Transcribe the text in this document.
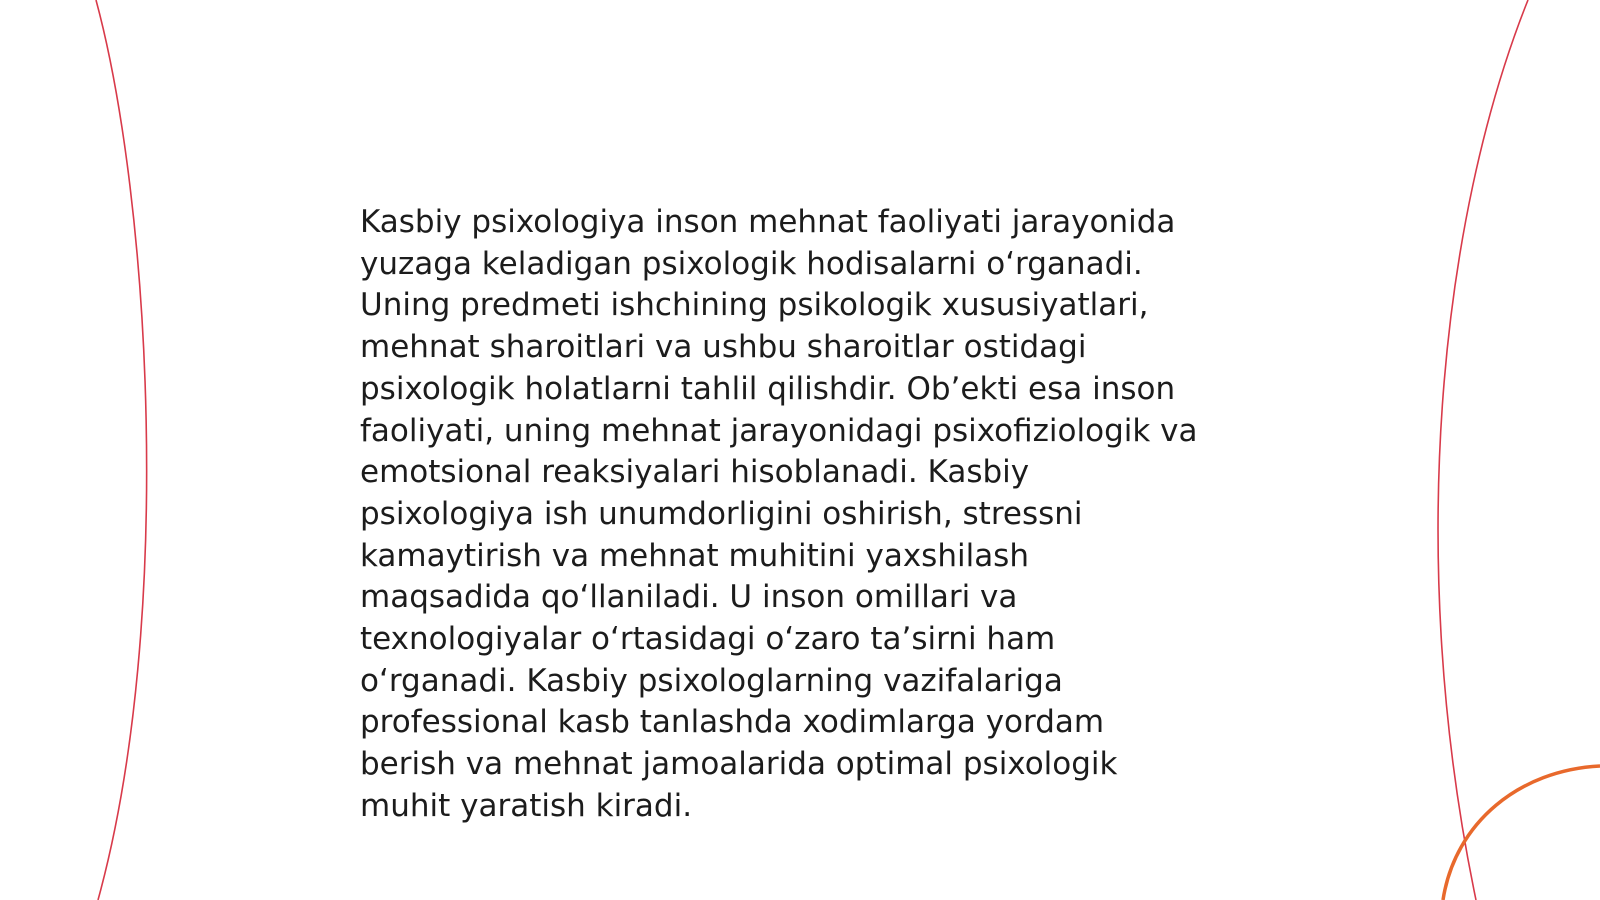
Kasbiy psixologiya inson mehnat faoliyati jarayonida
yuzaga keladigan psixologik hodisalarni o‘rganadi.
Uning predmeti ishchining psikologik xususiyatlari,
mehnat sharoitlari va ushbu sharoitlar ostidagi
psixologik holatlarni tahlil qilishdir. Ob’ekti esa inson
faoliyati, uning mehnat jarayonidagi psixofiziologik va
emotsional reaksiyalari hisoblanadi. Kasbiy
psixologiya ish unumdorligini oshirish, stressni
kamaytirish va mehnat muhitini yaxshilash
maqsadida qo‘llaniladi. U inson omillari va
texnologiyalar o‘rtasidagi o‘zaro ta’sirni ham
o‘rganadi. Kasbiy psixologlarning vazifalariga
professional kasb tanlashda xodimlarga yordam
berish va mehnat jamoalarida optimal psixologik
muhit yaratish kiradi.
